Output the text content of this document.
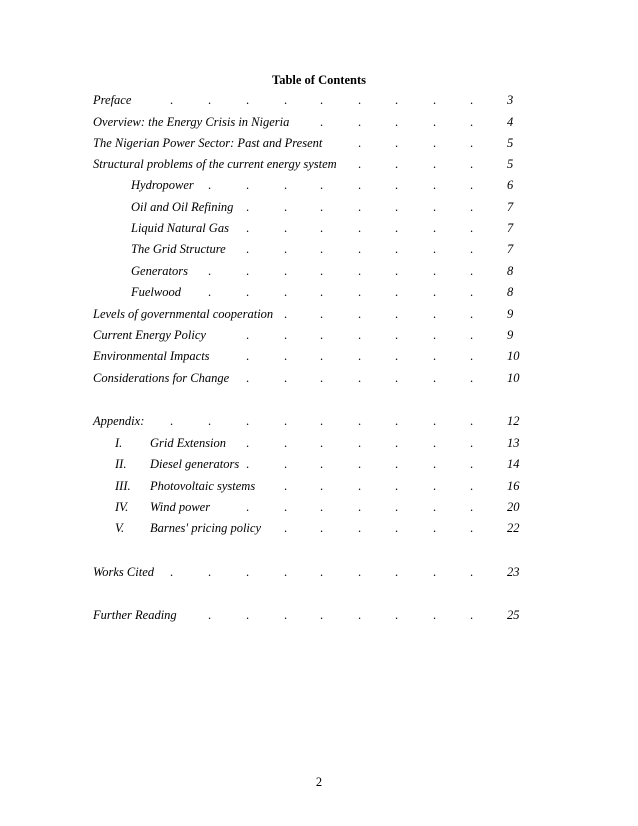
Table of Contents
Preface	3
.	.	.	.	.	.	.	.	.
Overview: the Energy Crisis in Nigeria	4
.	.	.	.	.
The Nigerian Power Sector: Past and Present	5
.	.	.	.
Structural problems of the current energy system	5
.	.	.	.
Hydropower	6
.	.	.	.	.	.	.	.
Oil and Oil Refining	7
.	.	.	.	.	.	.
Liquid Natural Gas	7
.	.	.	.	.	.	.
The Grid Structure	7
.	.	.	.	.	.	.
Generators	8
.	.	.	.	.	.	.	.
Fuelwood	8
.	.	.	.	.	.	.	.
Levels of governmental cooperation	9
.	.	.	.	.	.
Current Energy Policy	9
.	.	.	.	.	.	.
Environmental Impacts	10
.	.	.	.	.	.	.
Considerations for Change	10
.	.	.	.	.	.	.
Appendix:	12
.	.	.	.	.	.	.	.	.
I. Grid Extension	13
.	.	.	.	.	.	.
II. Diesel generators	14
.	.	.	.	.	.	.
III. Photovoltaic systems	16
.	.	.	.	.	.
IV. Wind power	20
.	.	.	.	.	.	.
V. Barnes' pricing policy	22
.	.	.	.	.	.
Works Cited	23
.	.	.	.	.	.	.	.	.
Further Reading	25
.	.	.	.	.	.	.	.
2
